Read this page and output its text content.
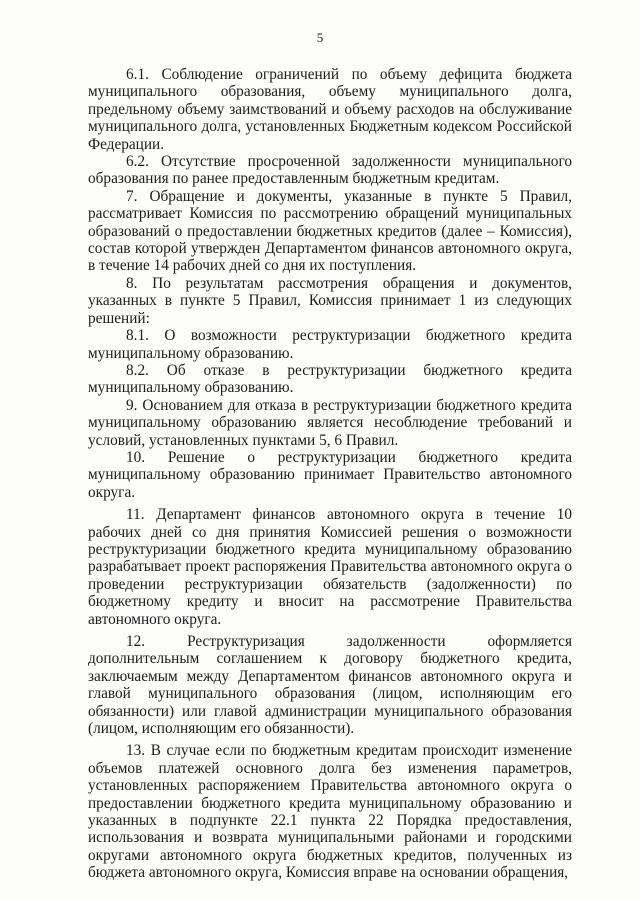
5

6.1. Соблюдение ограничений по объему дефицита бюджета муниципального образования, объему муниципального долга, предельному объему заимствований и объему расходов на обслуживание муниципального долга, установленных Бюджетным кодексом Российской Федерации.

6.2. Отсутствие просроченной задолженности муниципального образования по ранее предоставленным бюджетным кредитам.

7. Обращение и документы, указанные в пункте 5 Правил, рассматривает Комиссия по рассмотрению обращений муниципальных образований о предоставлении бюджетных кредитов (далее – Комиссия), состав которой утвержден Департаментом финансов автономного округа, в течение 14 рабочих дней со дня их поступления.

8. По результатам рассмотрения обращения и документов, указанных в пункте 5 Правил, Комиссия принимает 1 из следующих решений:

8.1. О возможности реструктуризации бюджетного кредита муниципальному образованию.

8.2. Об отказе в реструктуризации бюджетного кредита муниципальному образованию.

9. Основанием для отказа в реструктуризации бюджетного кредита муниципальному образованию является несоблюдение требований и условий, установленных пунктами 5, 6 Правил.

10. Решение о реструктуризации бюджетного кредита муниципальному образованию принимает Правительство автономного округа.

11. Департамент финансов автономного округа в течение 10 рабочих дней со дня принятия Комиссией решения о возможности реструктуризации бюджетного кредита муниципальному образованию разрабатывает проект распоряжения Правительства автономного округа о проведении реструктуризации обязательств (задолженности) по бюджетному кредиту и вносит на рассмотрение Правительства автономного округа.

12. Реструктуризация задолженности оформляется дополнительным соглашением к договору бюджетного кредита, заключаемым между Департаментом финансов автономного округа и главой муниципального образования (лицом, исполняющим его обязанности) или главой администрации муниципального образования (лицом, исполняющим его обязанности).

13. В случае если по бюджетным кредитам происходит изменение объемов платежей основного долга без изменения параметров, установленных распоряжением Правительства автономного округа о предоставлении бюджетного кредита муниципальному образованию и указанных в подпункте 22.1 пункта 22 Порядка предоставления, использования и возврата муниципальными районами и городскими округами автономного округа бюджетных кредитов, полученных из бюджета автономного округа, Комиссия вправе на основании обращения,
